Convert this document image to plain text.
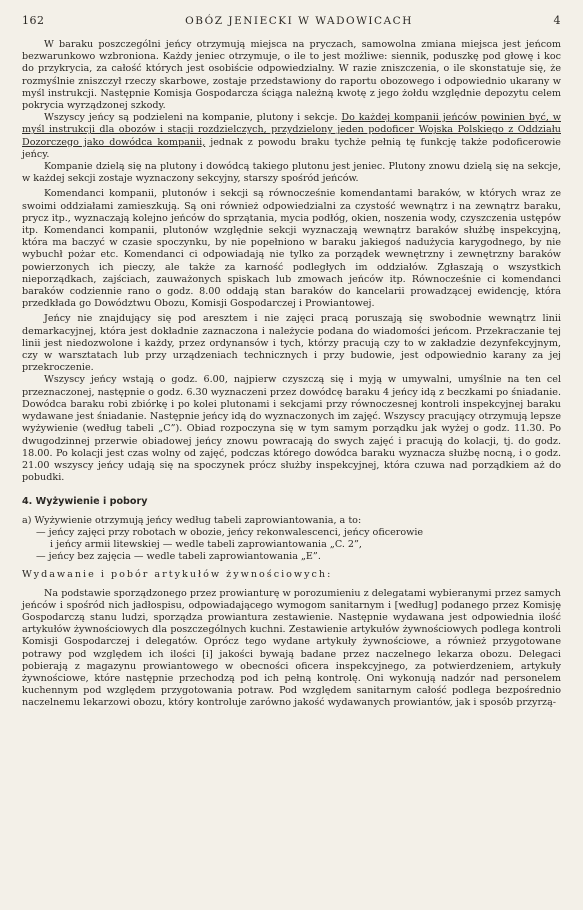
162	OBÓZ JENIECKI W WADOWICACH	4

W baraku poszczególni jeńcy otrzymują miejsca na pryczach, samowolna zmiana miejsca jest jeńcom bezwarunkowo wzbroniona. Każdy jeniec otrzymuje, o ile to jest możliwe: siennik, poduszkę pod głowę i koc do przykrycia, za całość których jest osobiście odpowiedzialny. W razie zniszczenia, o ile skonstatuje się, że rozmyślnie zniszczył rzeczy skarbowe, zostaje przedstawiony do raportu obozowego i odpowiednio ukarany w myśl instrukcji. Następnie Komisja Gospodarcza ściąga należną kwotę z jego żołdu względnie depozytu celem pokrycia wyrządzonej szkody.

Wszyscy jeńcy są podzieleni na kompanie, plutony i sekcje. Do każdej kompanii jeńców powinien być, w myśl instrukcji dla obozów i stacji rozdzielczych, przydzielony jeden podoficer Wojska Polskiego z Oddziału Dozorczego jako dowódca kompanii, jednak z powodu braku tychże pełnią tę funkcję także podoficerowie jeńcy.

Kompanie dzielą się na plutony i dowódcą takiego plutonu jest jeniec. Plutony znowu dzielą się na sekcje, w każdej sekcji zostaje wyznaczony sekcyjny, starszy spośród jeńców.

Komendanci kompanii, plutonów i sekcji są równocześnie komendantami baraków, w których wraz ze swoimi oddziałami zamieszkują. Są oni również odpowiedzialni za czystość wewnątrz i na zewnątrz baraku, prycz itp., wyznaczają kolejno jeńców do sprzątania, mycia podłóg, okien, noszenia wody, czyszczenia ustępów itp. Komendanci kompanii, plutonów względnie sekcji wyznaczają wewnątrz baraków służbę inspekcyjną, która ma baczyć w czasie spoczynku, by nie popełniono w baraku jakiegoś nadużycia karygodnego, by nie wybuchł pożar etc. Komendanci ci odpowiadają nie tylko za porządek wewnętrzny i zewnętrzny baraków powierzonych ich pieczy, ale także za karność podległych im oddziałów. Zgłaszają o wszystkich nieporządkach, zajściach, zauważonych spiskach lub zmowach jeńców itp. Równocześnie ci komendanci baraków codziennie rano o godz. 8.00 oddają stan baraków do kancelarii prowadzącej ewidencję, która przedkłada go Dowództwu Obozu, Komisji Gospodarczej i Prowiantowej.

Jeńcy nie znajdujący się pod aresztem i nie zajęci pracą poruszają się swobodnie wewnątrz linii demarkacyjnej, która jest dokładnie zaznaczona i należycie podana do wiadomości jeńcom. Przekraczanie tej linii jest niedozwolone i każdy, przez ordynansów i tych, którzy pracują czy to w zakładzie dezynfekcyjnym, czy w warsztatach lub przy urządzeniach technicznych i przy budowie, jest odpowiednio karany za jej przekroczenie.

Wszyscy jeńcy wstają o godz. 6.00, najpierw czyszczą się i myją w umywalni, umyślnie na ten cel przeznaczonej, następnie o godz. 6.30 wyznaczeni przez dowódcę baraku 4 jeńcy idą z beczkami po śniadanie. Dowódca baraku robi zbiórkę i po kolei plutonami i sekcjami przy równoczesnej kontroli inspekcyjnej baraku wydawane jest śniadanie. Następnie jeńcy idą do wyznaczonych im zajęć. Wszyscy pracujący otrzymują lepsze wyżywienie (według tabeli „C”). Obiad rozpoczyna się w tym samym porządku jak wyżej o godz. 11.30. Po dwugodzinnej przerwie obiadowej jeńcy znowu powracają do swych zajęć i pracują do kolacji, tj. do godz. 18.00. Po kolacji jest czas wolny od zajęć, podczas którego dowódca baraku wyznacza służbę nocną, i o godz. 21.00 wszyscy jeńcy udają się na spoczynek prócz służby inspekcyjnej, która czuwa nad porządkiem aż do pobudki.

4. Wyżywienie i pobory
a) Wyżywienie otrzymują jeńcy według tabeli zaprowiantowania, a to:
— jeńcy zajęci przy robotach w obozie, jeńcy rekonwalescenci, jeńcy oficerowie
i jeńcy armii litewskiej — wedle tabeli zaprowiantowania „C. 2”,
— jeńcy bez zajęcia — wedle tabeli zaprowiantowania „E”.
Wydawanie i pobór artykułów żywnościowych:

Na podstawie sporządzonego przez prowianturę w porozumieniu z delegatami wybieranymi przez samych jeńców i spośród nich jadłospisu, odpowiadającego wymogom sanitarnym i [według] podanego przez Komisję Gospodarczą stanu ludzi, sporządza prowiantura zestawienie. Następnie wydawana jest odpowiednia ilość artykułów żywnościowych dla poszczególnych kuchni. Zestawienie artykułów żywnościowych podlega kontroli Komisji Gospodarczej i delegatów. Oprócz tego wydane artykuły żywnościowe, a również przygotowane potrawy pod względem ich ilości [i] jakości bywają badane przez naczelnego lekarza obozu. Delegaci pobierają z magazynu prowiantowego w obecności oficera inspekcyjnego, za potwierdzeniem, artykuły żywnościowe, które następnie przechodzą pod ich pełną kontrolę. Oni wykonują nadzór nad personelem kuchennym pod względem przygotowania potraw. Pod względem sanitarnym całość podlega bezpośrednio naczelnemu lekarzowi obozu, który kontroluje zarówno jakość wydawanych prowiantów, jak i sposób przyrzą-
